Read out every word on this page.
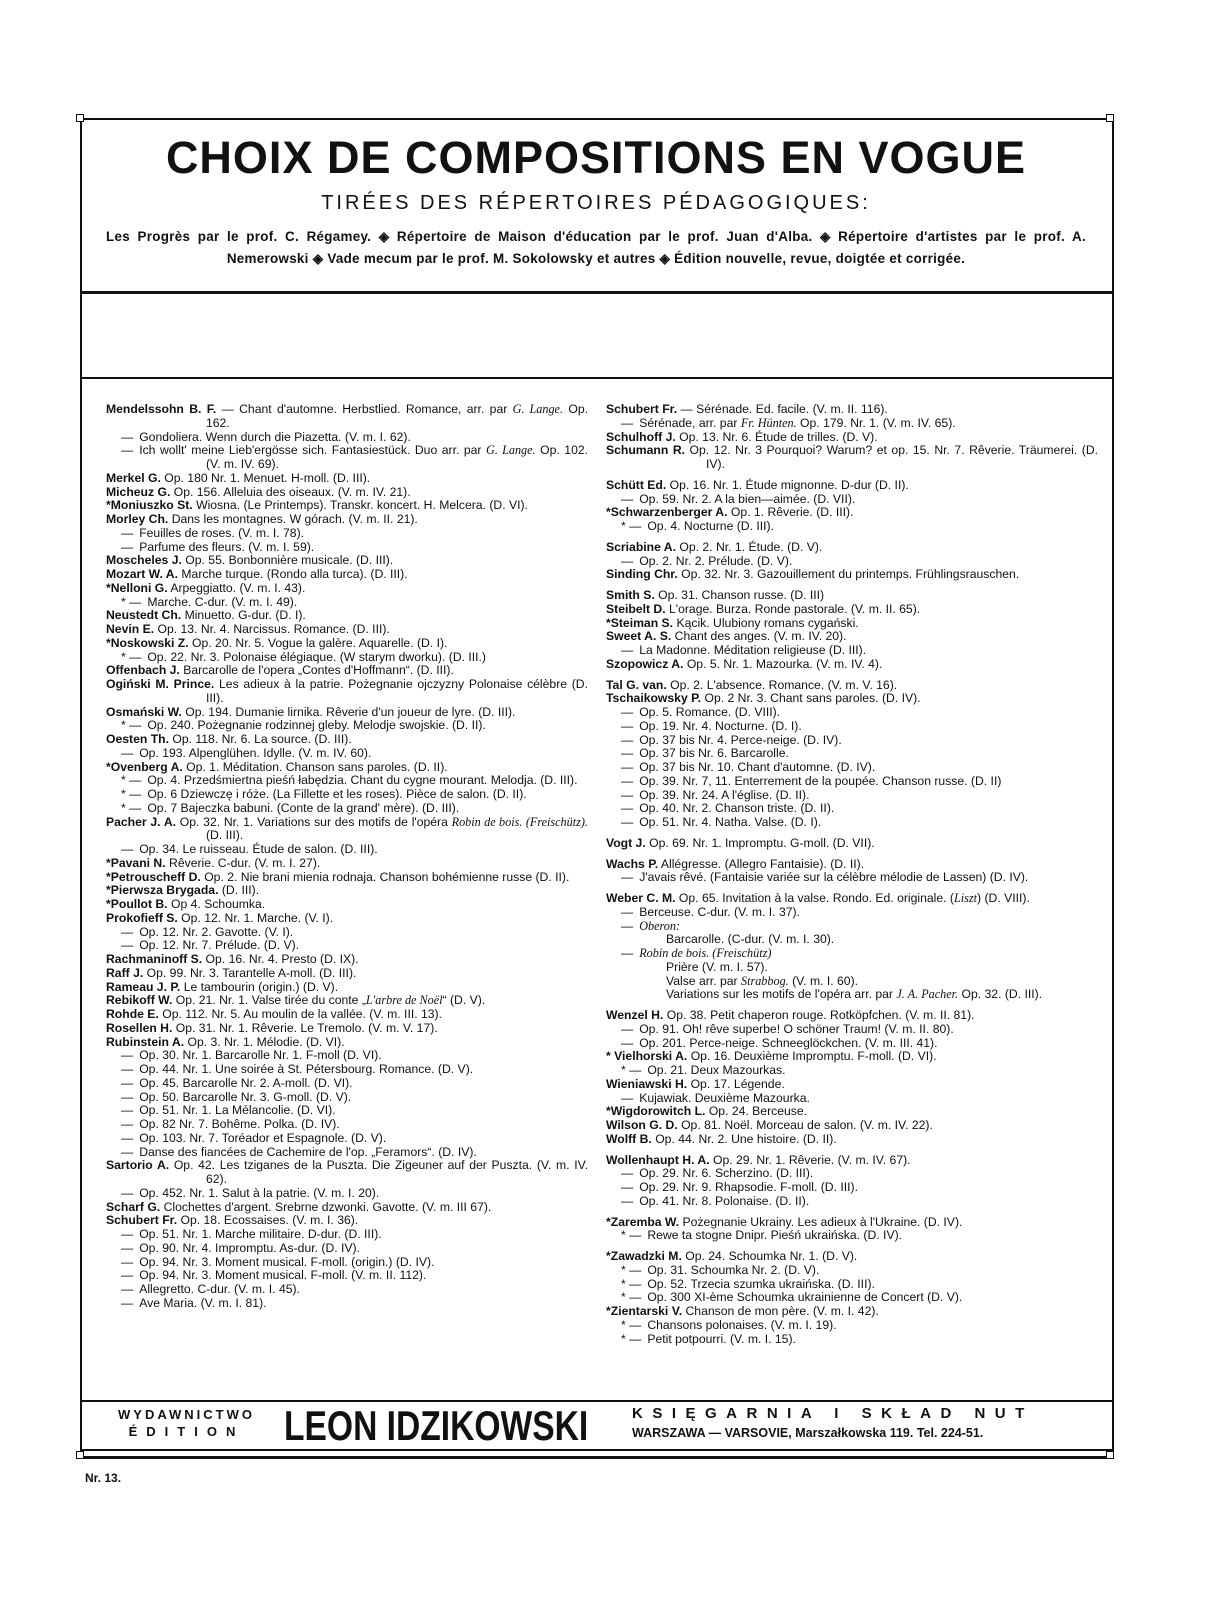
CHOIX DE COMPOSITIONS EN VOGUE
TIRÉES DES RÉPERTOIRES PÉDAGOGIQUES:
Les Progrès par le prof. C. Régamey. ◈ Répertoire de Maison d'éducation par le prof. Juan d'Alba. ◈ Répertoire d'artistes par le prof. A. Nemerowski ◈ Vade mecum par le prof. M. Sokolowsky et autres ◈ Édition nouvelle, revue, doigtée et corrigée.
Mendelssohn B. F. — Chant d'automne. Herbstlied. Romance, arr. par G. Lange. Op. 162.
— Gondoliera. Wenn durch die Piazetta. (V. m. I. 62).
— Ich wollt' meine Lieb'ergösse sich. Fantasiestück. Duo arr. par G. Lange. Op. 102. (V. m. IV. 69).
Merkel G. Op. 180 Nr. 1. Menuet. H-moll. (D. III).
Micheuz G. Op. 156. Alleluia des oiseaux. (V. m. IV. 21).
*Moniuszko St. Wiosna. (Le Printemps). Transkr. koncert. H. Melcera. (D. VI).
Morley Ch. Dans les montagnes. W górach. (V. m. II. 21).
— Feuilles de roses. (V. m. I. 78).
— Parfume des fleurs. (V. m. I. 59).
Moscheles J. Op. 55. Bonbonnière musicale. (D. III).
Mozart W. A. Marche turque. (Rondo alla turca). (D. III).
*Nelloni G. Arpeggiatto. (V. m. I. 43).
* — Marche. C-dur. (V. m. I. 49).
Neustedt Ch. Minuetto. G-dur. (D. I).
Nevin E. Op. 13. Nr. 4. Narcissus. Romance. (D. III).
*Noskowski Z. Op. 20. Nr. 5. Vogue la galère. Aquarelle. (D. I).
* — Op. 22. Nr. 3. Polonaise élégiaque. (W starym dworku). (D. III.)
Offenbach J. Barcarolle de l'opera „Contes d'Hoffmann“. (D. III).
Ogiński M. Prince. Les adieux à la patrie. Pożegnanie ojczyzny Polonaise célèbre (D. III).
Osmański W. Op. 194. Dumanie lirnika. Rêverie d'un joueur de lyre. (D. III).
* — Op. 240. Pożegnanie rodzinnej gleby. Melodje swojskie. (D. II).
Oesten Th. Op. 118. Nr. 6. La source. (D. III).
— Op. 193. Alpenglühen. Idylle. (V. m. IV. 60).
*Ovenberg A. Op. 1. Méditation. Chanson sans paroles. (D. II).
* — Op. 4. Przedśmiertna pieśń łabędzia. Chant du cygne mourant. Melodja. (D. III).
* — Op. 6 Dziewczę i róże. (La Fillette et les roses). Pièce de salon. (D. II).
* — Op. 7 Bajeczka babuni. (Conte de la grand' mère). (D. III).
Pacher J. A. Op. 32. Nr. 1. Variations sur des motifs de l'opéra Robin de bois. (Freischütz). (D. III).
— Op. 34. Le ruisseau. Étude de salon. (D. III).
*Pavani N. Rêverie. C-dur. (V. m. I. 27).
*Petrouscheff D. Op. 2. Nie brani mienia rodnaja. Chanson bohémienne russe (D. II).
*Pierwsza Brygada. (D. III).
*Poullot B. Op 4. Schoumka.
Prokofieff S. Op. 12. Nr. 1. Marche. (V. I).
— Op. 12. Nr. 2. Gavotte. (V. I).
— Op. 12. Nr. 7. Prélude. (D. V).
Rachmaninoff S. Op. 16. Nr. 4. Presto (D. IX).
Raff J. Op. 99. Nr. 3. Tarantelle A-moll. (D. III).
Rameau J. P. Le tambourin (origin.) (D. V).
Rebikoff W. Op. 21. Nr. 1. Valse tirée du conte „L'arbre de Noël“ (D. V).
Rohde E. Op. 112. Nr. 5. Au moulin de la vallée. (V. m. III. 13).
Rosellen H. Op. 31. Nr. 1. Rêverie. Le Tremolo. (V. m. V. 17).
Rubinstein A. Op. 3. Nr. 1. Mélodie. (D. VI).
— Op. 30. Nr. 1. Barcarolle Nr. 1. F-moll (D. VI).
— Op. 44. Nr. 1. Une soirée à St. Pétersbourg. Romance. (D. V).
— Op. 45. Barcarolle Nr. 2. A-moll. (D. VI).
— Op. 50. Barcarolle Nr. 3. G-moll. (D. V).
— Op. 51. Nr. 1. La Mélancolie. (D. VI).
— Op. 82 Nr. 7. Bohême. Polka. (D. IV).
— Op. 103. Nr. 7. Toréador et Espagnole. (D. V).
— Danse des fiancées de Cachemire de l'op. „Feramors“. (D. IV).
Sartorio A. Op. 42. Les tziganes de la Puszta. Die Zigeuner auf der Puszta. (V. m. IV. 62).
— Op. 452. Nr. 1. Salut à la patrie. (V. m. I. 20).
Scharf G. Clochettes d'argent. Srebrne dzwonki. Gavotte. (V. m. III 67).
Schubert Fr. Op. 18. Ecossaises. (V. m. I. 36).
— Op. 51. Nr. 1. Marche militaire. D-dur. (D. III).
— Op. 90. Nr. 4. Impromptu. As-dur. (D. IV).
— Op. 94. Nr. 3. Moment musical. F-moll. (origin.) (D. IV).
— Op. 94. Nr. 3. Moment musical. F-moll. (V. m. II. 112).
— Allegretto. C-dur. (V. m. I. 45).
— Ave Maria. (V. m. I. 81).
Schubert Fr. — Sérénade. Ed. facile. (V. m. II. 116).
— Sérénade, arr. par Fr. Hünten. Op. 179. Nr. 1. (V. m. IV. 65).
Schulhoff J. Op. 13. Nr. 6. Étude de trilles. (D. V).
Schumann R. Op. 12. Nr. 3 Pourquoi? Warum? et op. 15. Nr. 7. Rêverie. Träumerei. (D. IV).
Schütt Ed. Op. 16. Nr. 1. Étude mignonne. D-dur (D. II).
— Op. 59. Nr. 2. A la bien—aimée. (D. VII).
*Schwarzenberger A. Op. 1. Rêverie. (D. III).
* — Op. 4. Nocturne (D. III).
Scriabine A. Op. 2. Nr. 1. Étude. (D. V).
— Op. 2. Nr. 2. Prélude. (D. V).
Sinding Chr. Op. 32. Nr. 3. Gazouillement du printemps. Frühlingsrauschen.
Smith S. Op. 31. Chanson russe. (D. III)
Steibelt D. L'orage. Burza. Ronde pastorale. (V. m. II. 65).
*Steiman S. Kącik. Ulubiony romans cygański.
Sweet A. S. Chant des anges. (V. m. IV. 20).
— La Madonne. Méditation religieuse (D. III).
Szopowicz A. Op. 5. Nr. 1. Mazourka. (V. m. IV. 4).
Tal G. van. Op. 2. L'absence. Romance. (V. m. V. 16).
Tschaikowsky P. Op. 2 Nr. 3. Chant sans paroles. (D. IV).
— Op. 5. Romance. (D. VIII).
— Op. 19. Nr. 4. Nocturne. (D. I).
— Op. 37 bis Nr. 4. Perce-neige. (D. IV).
— Op. 37 bis Nr. 6. Barcarolle.
— Op. 37 bis Nr. 10. Chant d'automne. (D. IV).
— Op. 39. Nr. 7, 11. Enterrement de la poupée. Chanson russe. (D. II)
— Op. 39. Nr. 24. A l'église. (D. II).
— Op. 40. Nr. 2. Chanson triste. (D. II).
— Op. 51. Nr. 4. Natha. Valse. (D. I).
Vogt J. Op. 69. Nr. 1. Impromptu. G-moll. (D. VII).
Wachs P. Allégresse. (Allegro Fantaisie). (D. II).
— J'avais rêvé. (Fantaisie variée sur la célèbre mélodie de Lassen) (D. IV).
Weber C. M. Op. 65. Invitation à la valse. Rondo. Ed. originale. (Liszt) (D. VIII).
— Berceuse. C-dur. (V. m. I. 37).
— Oberon:
Barcarolle. (C-dur. (V. m. I. 30).
— Robin de bois. (Freischütz)
Prière (V. m. I. 57).
Valse arr. par Strabbog. (V. m. I. 60).
Variations sur les motifs de l'opéra arr. par J. A. Pacher. Op. 32. (D. III).
Wenzel H. Op. 38. Petit chaperon rouge. Rotköpfchen. (V. m. II. 81).
— Op. 91. Oh! rêve superbe! O schöner Traum! (V. m. II. 80).
— Op. 201. Perce-neige. Schneeglöckchen. (V. m. III. 41).
* Vielhorski A. Op. 16. Deuxième Impromptu. F-moll. (D. VI).
* — Op. 21. Deux Mazourkas.
Wieniawski H. Op. 17. Légende.
— Kujawiak. Deuxième Mazourka.
*Wigdorowitch L. Op. 24. Berceuse.
Wilson G. D. Op. 81. Noël. Morceau de salon. (V. m. IV. 22).
Wolff B. Op. 44. Nr. 2. Une histoire. (D. II).
Wollenhaupt H. A. Op. 29. Nr. 1. Rêverie. (V. m. IV. 67).
— Op. 29. Nr. 6. Scherzino. (D. III).
— Op. 29. Nr. 9. Rhapsodie. F-moll. (D. III).
— Op. 41. Nr. 8. Polonaise. (D. II).
*Zaremba W. Pożegnanie Ukrainy. Les adieux à l'Ukraine. (D. IV).
* — Rewe ta stogne Dnipr. Pieśń ukraińska. (D. IV).
*Zawadzki M. Op. 24. Schoumka Nr. 1. (D. V).
* — Op. 31. Schoumka Nr. 2. (D. V).
* — Op. 52. Trzecia szumka ukraińska. (D. III).
* — Op. 300 XI-ème Schoumka ukrainienne de Concert (D. V).
*Zientarski V. Chanson de mon père. (V. m. I. 42).
* — Chansons polonaises. (V. m. I. 19).
* — Petit potpourri. (V. m. I. 15).
WYDAWNICTWO
ÉDITION LEON IDZIKOWSKI	KSIĘGARNIA I SKŁAD NUT
WARSZAWA — VARSOVIE, Marszałkowska 119. Tel. 224-51.
Nr. 13.
